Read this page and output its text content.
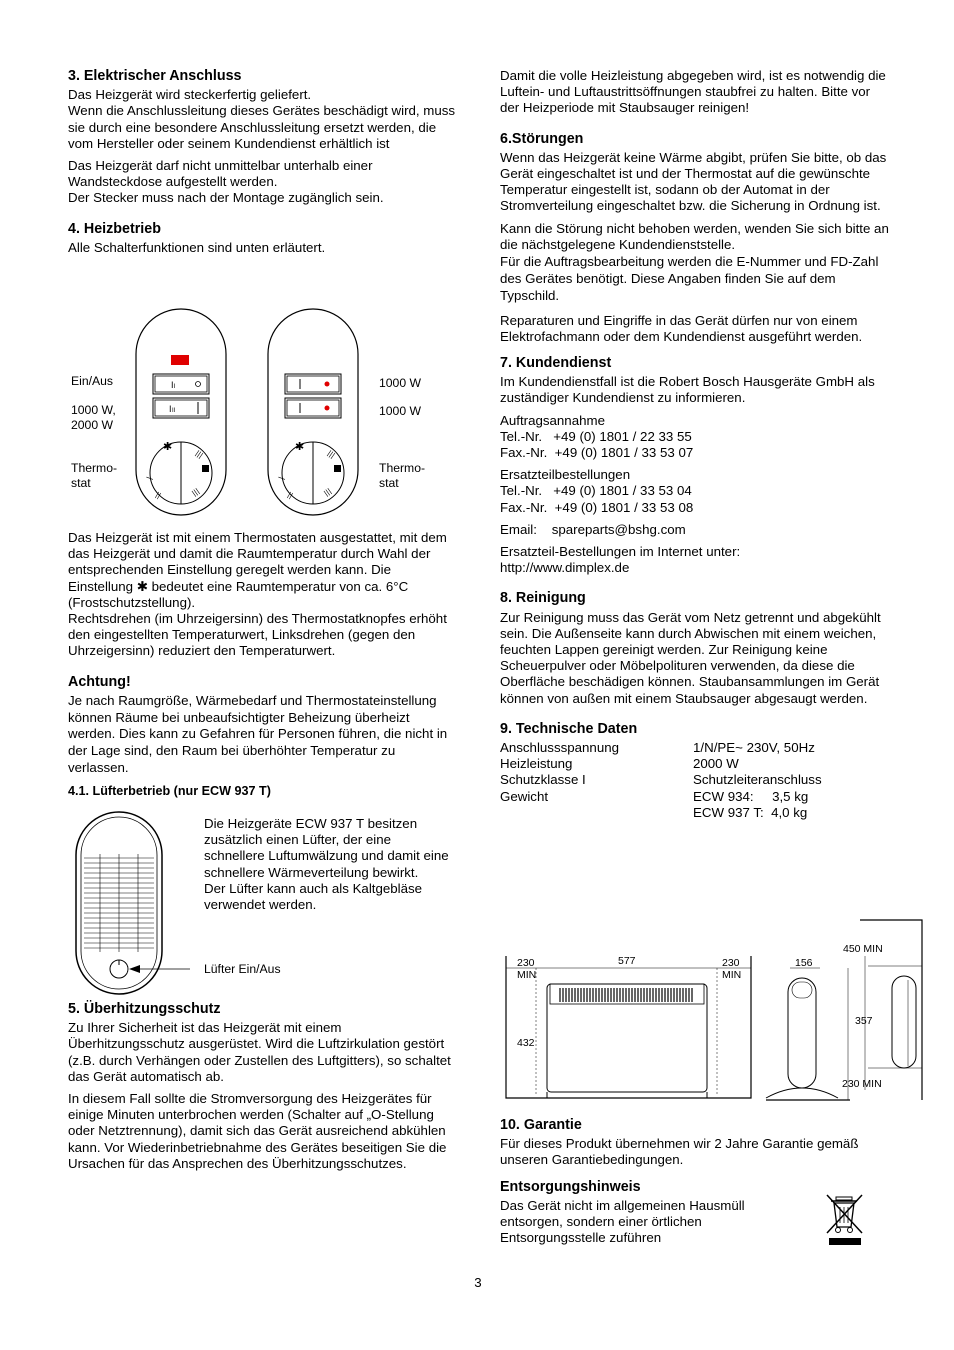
3. Elektrischer Anschluss

Das Heizgerät wird steckerfertig geliefert.
Wenn die Anschlussleitung dieses Gerätes beschädigt wird, muss sie durch eine besondere Anschlussleitung ersetzt werden, die vom Hersteller oder seinem Kundendienst erhältlich ist

Das Heizgerät darf nicht unmittelbar unterhalb einer Wandsteckdose aufgestellt werden.
Der Stecker muss nach der Montage zugänglich sein.

4. Heizbetrieb

Alle Schalterfunktionen sind unten erläutert.

I I
I II
✱
|||
|||
|
||
✱
|||
|||
|
||
Ein/Aus
1000 W,
2000 W
Thermo-
stat
1000 W
1000 W
Thermo-
stat

Das Heizgerät ist mit einem Thermostaten ausgestattet, mit dem das Heizgerät und damit die Raumtemperatur durch Wahl der entsprechenden Einstellung geregelt werden kann. Die Einstellung ✱ bedeutet eine Raumtemperatur von ca. 6°C (Frostschutzstellung).
Rechtsdrehen (im Uhrzeigersinn) des Thermostatknopfes erhöht den eingestellten Temperaturwert, Linksdrehen (gegen den Uhrzeigersinn) reduziert den Temperaturwert.

Achtung!

Je nach Raumgröße, Wärmebedarf und Thermostateinstellung können Räume bei unbeaufsichtigter Beheizung überheizt werden. Dies kann zu Gefahren für Personen führen, die nicht in der Lage sind, den Raum bei überhöhter Temperatur zu verlassen.

4.1. Lüfterbetrieb (nur ECW 937 T)

Die Heizgeräte ECW 937 T besitzen zusätzlich einen Lüfter, der eine schnellere Luftumwälzung und damit eine schnellere Wärmeverteilung bewirkt.
Der Lüfter kann auch als Kaltgebläse verwendet werden.

Lüfter Ein/Aus
5. Überhitzungsschutz

Zu Ihrer Sicherheit ist das Heizgerät mit einem Überhitzungsschutz ausgerüstet. Wird die Luftzirkulation gestört (z.B. durch Verhängen oder Zustellen des Luftgitters), so schaltet das Gerät automatisch ab.

In diesem Fall sollte die Stromversorgung des Heizgerätes für einige Minuten unterbrochen werden (Schalter auf „O-Stellung oder Netztrennung), damit sich das Gerät ausreichend abkühlen kann. Vor Wiederinbetriebnahme des Gerätes beseitigen Sie die Ursachen für das Ansprechen des Überhitzungsschutzes.

Damit die volle Heizleistung abgegeben wird, ist es notwendig die Luftein- und Luftaustrittsöffnungen staubfrei zu halten. Bitte vor der Heizperiode mit Staubsauger reinigen!

6.Störungen

Wenn das Heizgerät keine Wärme abgibt, prüfen Sie bitte, ob das Gerät eingeschaltet ist und der Thermostat auf die gewünschte Temperatur eingestellt ist, sodann ob der Automat in der Stromverteilung eingeschaltet bzw. die Sicherung in Ordnung ist.

Kann die Störung nicht behoben werden, wenden Sie sich bitte an die nächstgelegene Kundendienststelle.
Für die Auftragsbearbeitung werden die E-Nummer und FD-Zahl des Gerätes benötigt. Diese Angaben finden Sie auf dem Typschild.

Reparaturen und Eingriffe in das Gerät dürfen nur von einem Elektrofachmann oder dem Kundendienst ausgeführt werden.

7. Kundendienst

Im Kundendienstfall ist die Robert Bosch Hausgeräte GmbH als zuständiger Kundendienst zu informieren.

Auftragsannahme
Tel.-Nr.   +49 (0) 1801 / 22 33 55
Fax.-Nr.  +49 (0) 1801 / 33 53 07

Ersatzteilbestellungen
Tel.-Nr.   +49 (0) 1801 / 33 53 04
Fax.-Nr.  +49 (0) 1801 / 33 53 08

Email:    spareparts@bshg.com

Ersatzteil-Bestellungen im Internet unter:
http://www.dimplex.de

8. Reinigung

Zur Reinigung muss das Gerät vom Netz getrennt und abgekühlt sein. Die Außenseite kann durch Abwischen mit einem weichen, feuchten Lappen gereinigt werden. Zur Reinigung keine Scheuerpulver oder Möbelpolituren verwenden, da diese die Oberfläche beschädigen können. Staubansammlungen im Gerät können von außen mit einem Staubsauger abgesaugt werden.

9. Technische Daten
Anschlussspannung	1/N/PE~ 230V, 50Hz
Heizleistung	2000 W
Schutzklasse I	Schutzleiteranschluss
Gewicht	ECW 934:     3,5 kg
ECW 937 T:  4,0 kg
230
MIN
577	230
MIN
432
156
450 MIN
357
230 MIN
10. Garantie

Für dieses Produkt übernehmen wir 2 Jahre Garantie gemäß unseren Garantiebedingungen.

Entsorgungshinweis

Das Gerät nicht im allgemeinen Hausmüll entsorgen, sondern einer örtlichen Entsorgungsstelle zuführen

3
